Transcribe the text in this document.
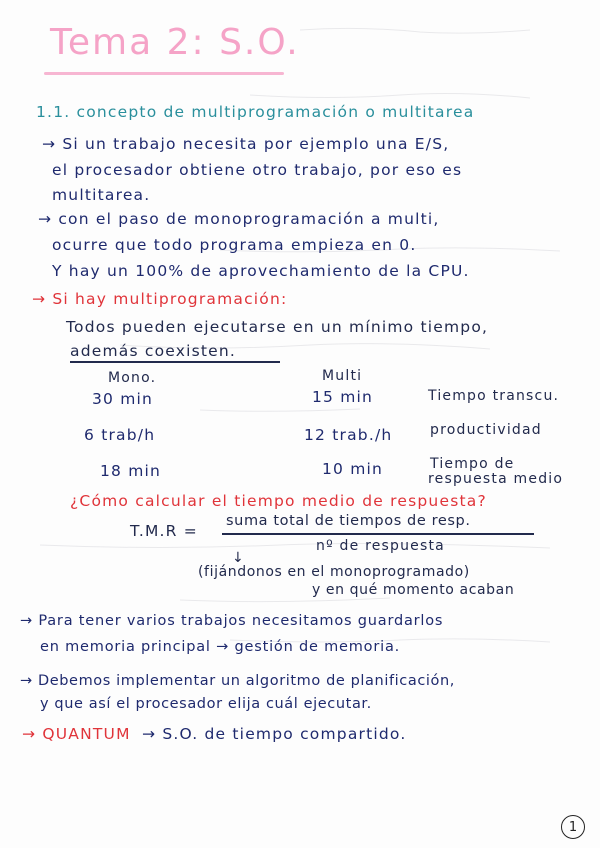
Tema 2: S.O.
1.1. concepto de multiprogramación o multitarea
→ Si un trabajo necesita por ejemplo una E/S,
el procesador obtiene otro trabajo, por eso es
multitarea.
→ con el paso de monoprogramación a multi,
ocurre que todo programa empieza en 0.
Y hay un 100% de aprovechamiento de la CPU.
→ Si hay multiprogramación:
Todos pueden ejecutarse en un mínimo tiempo,
además coexisten.
Mono.	Multi
30 min	15 min	Tiempo transcu.
6 trab/h	12 trab./h	productividad
18 min	10 min	Tiempo de
respuesta medio
¿Cómo calcular el tiempo medio de respuesta?
T.M.R =
suma total de tiempos de resp.
nº de respuesta
↓
(fijándonos en el monoprogramado)
y en qué momento acaban
→ Para tener varios trabajos necesitamos guardarlos
en memoria principal → gestión de memoria.
→ Debemos implementar un algoritmo de planificación,
y que así el procesador elija cuál ejecutar.
→ QUANTUM → S.O. de tiempo compartido.
1
